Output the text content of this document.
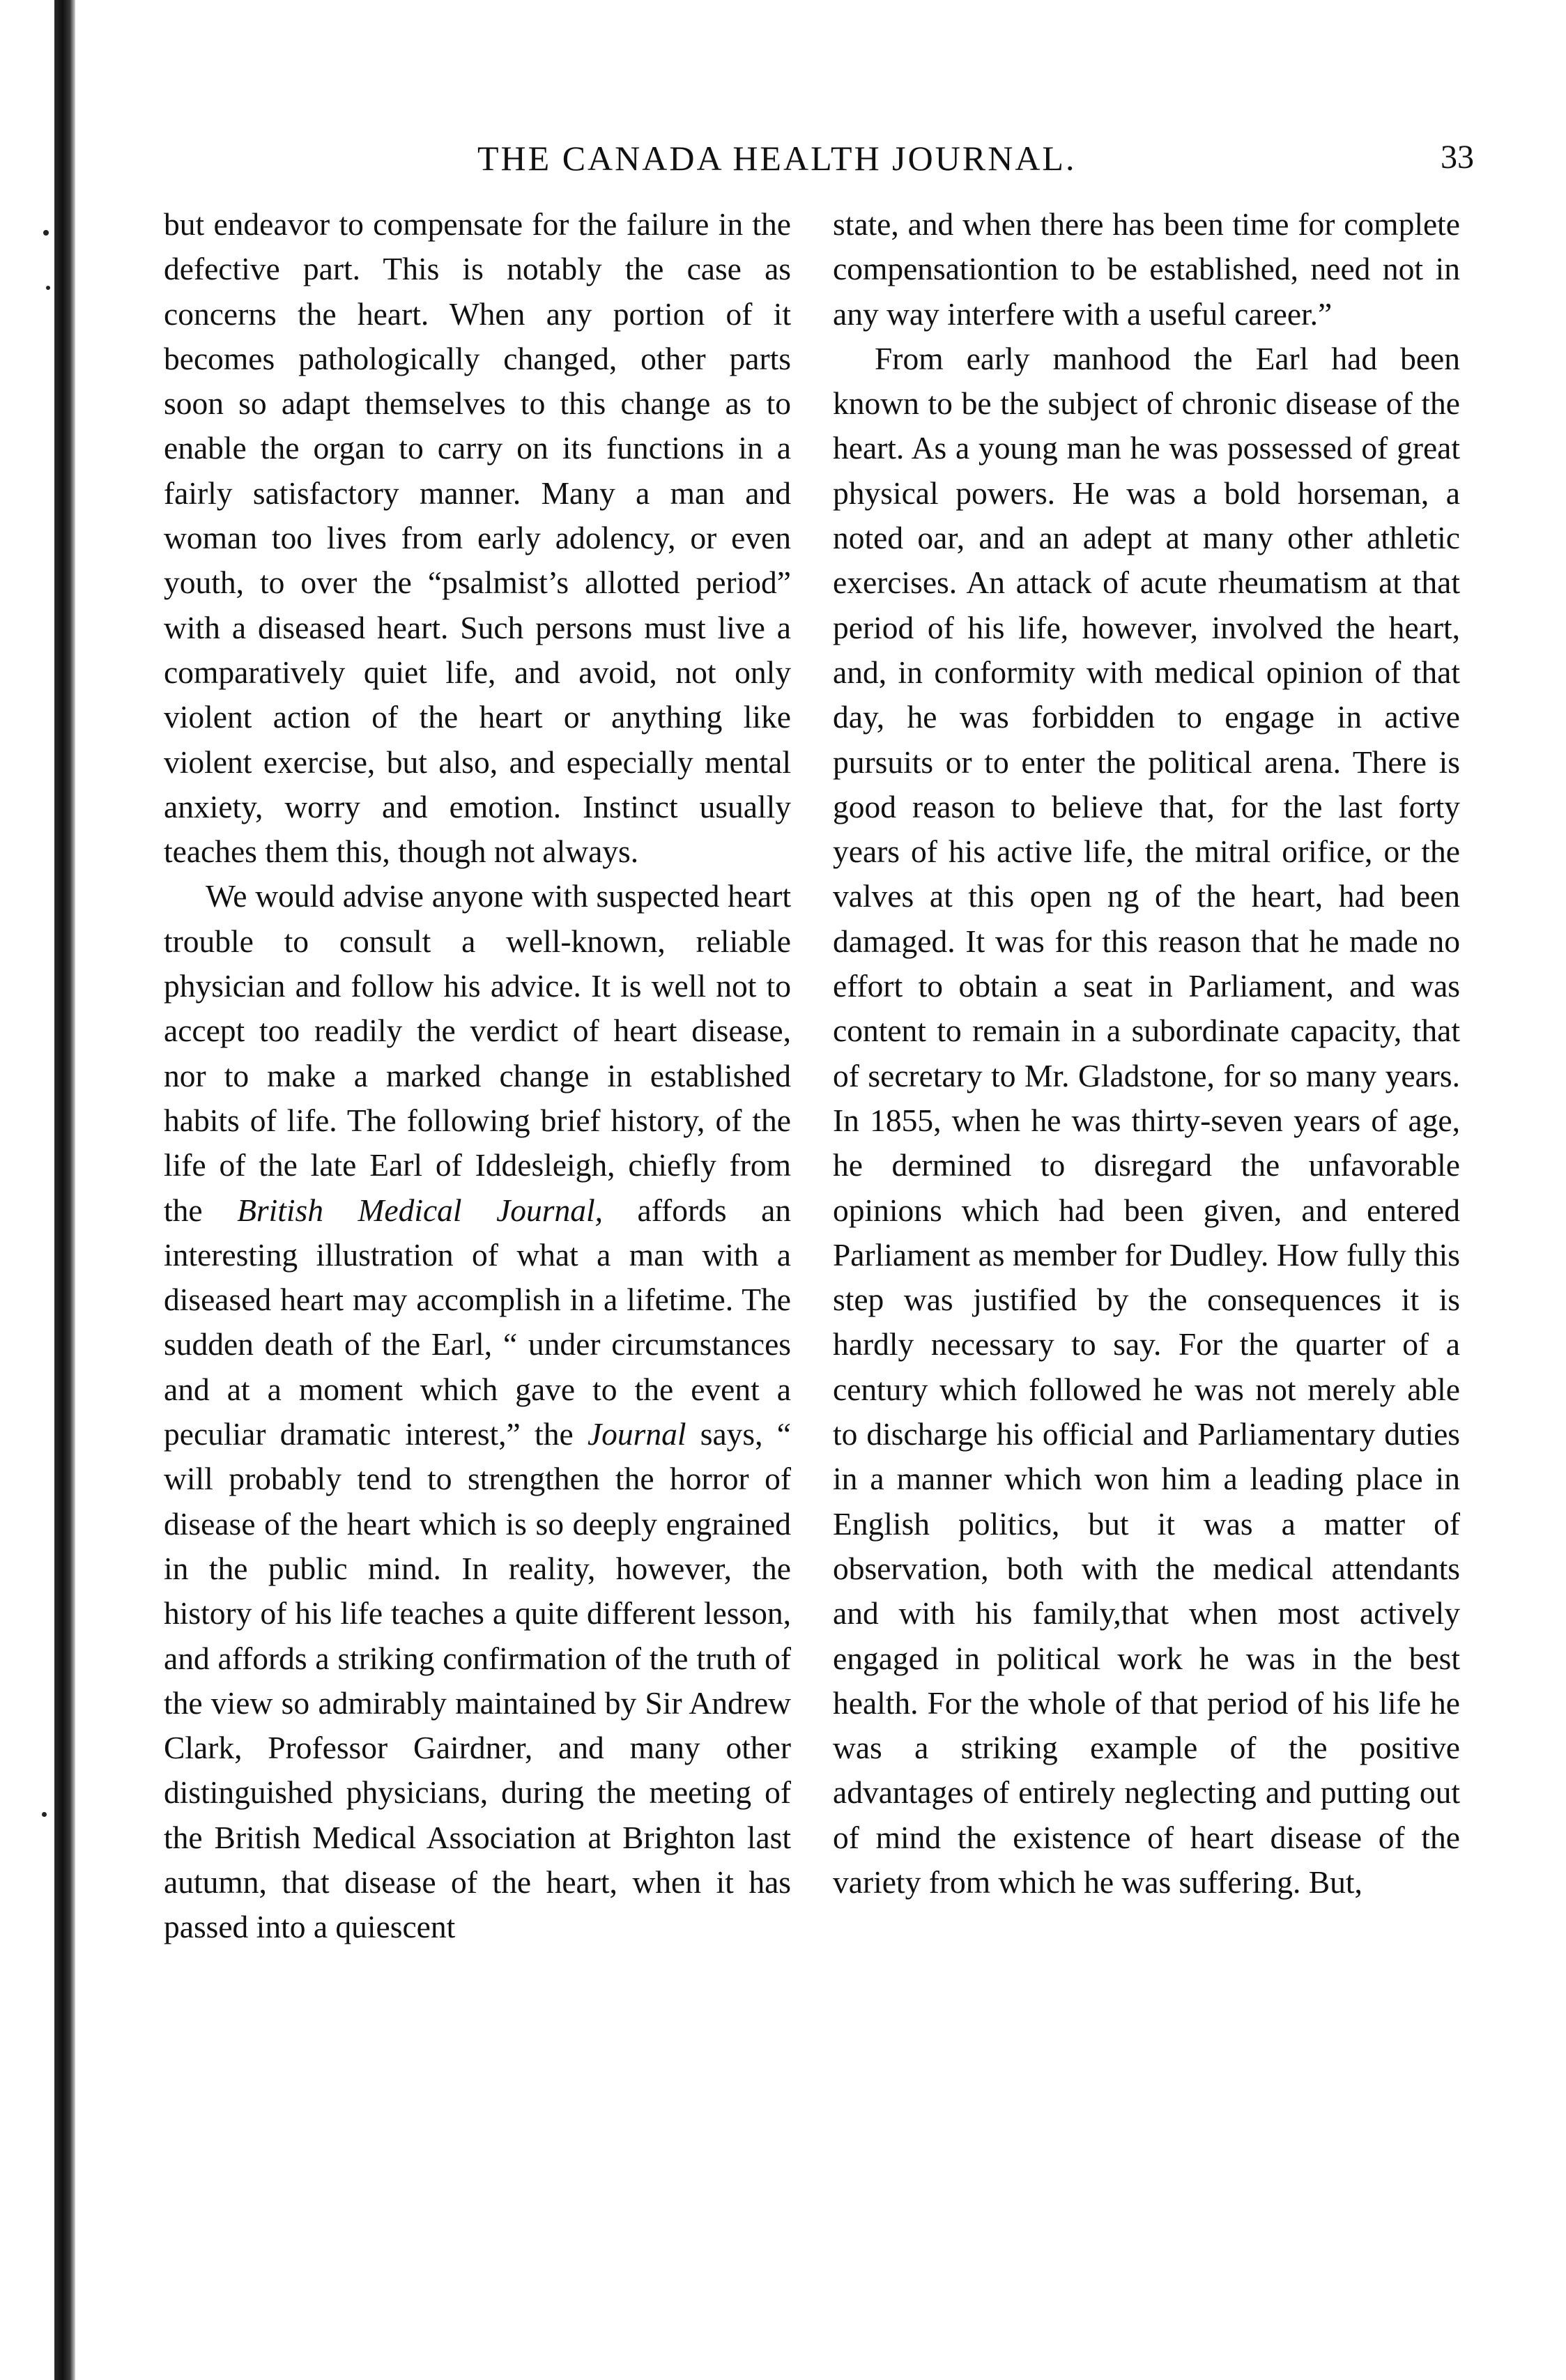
THE CANADA HEALTH JOURNAL.	33

but endeavor to compensate for the failure in the defective part. This is notably the case as concerns the heart. When any portion of it becomes pathologically changed, other parts soon so adapt themselves to this change as to enable the organ to carry on its functions in a fairly satisfactory manner. Many a man and woman too lives from early adolency, or even youth, to over the “psalmist’s allotted period” with a diseased heart. Such persons must live a comparatively quiet life, and avoid, not only violent action of the heart or anything like violent exercise, but also, and especially mental anxiety, worry and emotion. Instinct usually teaches them this, though not always.

We would advise anyone with suspected heart trouble to consult a well-known, reliable physician and follow his advice. It is well not to accept too readily the verdict of heart disease, nor to make a marked change in established habits of life. The following brief history, of the life of the late Earl of Iddesleigh, chiefly from the British Medical Journal, affords an interesting illustration of what a man with a diseased heart may accomplish in a lifetime. The sudden death of the Earl, “ under circumstances and at a moment which gave to the event a peculiar dramatic interest,” the Journal says, “ will probably tend to strengthen the horror of disease of the heart which is so deeply engrained in the public mind. In reality, however, the history of his life teaches a quite different lesson, and affords a striking confirmation of the truth of the view so admirably maintained by Sir Andrew Clark, Professor Gairdner, and many other distinguished physicians, during the meeting of the British Medical Association at Brighton last autumn, that disease of the heart, when it has passed into a quiescent

state, and when there has been time for complete compensationtion to be established, need not in any way interfere with a useful career.”

From early manhood the Earl had been known to be the subject of chronic disease of the heart. As a young man he was possessed of great physical powers. He was a bold horseman, a noted oar, and an adept at many other athletic exercises. An attack of acute rheumatism at that period of his life, however, involved the heart, and, in conformity with medical opinion of that day, he was forbidden to engage in active pursuits or to enter the political arena. There is good reason to believe that, for the last forty years of his active life, the mitral orifice, or the valves at this open ng of the heart, had been damaged. It was for this reason that he made no effort to obtain a seat in Parliament, and was content to remain in a subordinate capacity, that of secretary to Mr. Gladstone, for so many years. In 1855, when he was thirty-seven years of age, he dermined to disregard the unfavorable opinions which had been given, and entered Parliament as member for Dudley. How fully this step was justified by the consequences it is hardly necessary to say. For the quarter of a century which followed he was not merely able to discharge his official and Parliamentary duties in a manner which won him a leading place in English politics, but it was a matter of observation, both with the medical attendants and with his family,that when most actively engaged in political work he was in the best health. For the whole of that period of his life he was a striking example of the positive advantages of entirely neglecting and putting out of mind the existence of heart disease of the variety from which he was suffering. But,
